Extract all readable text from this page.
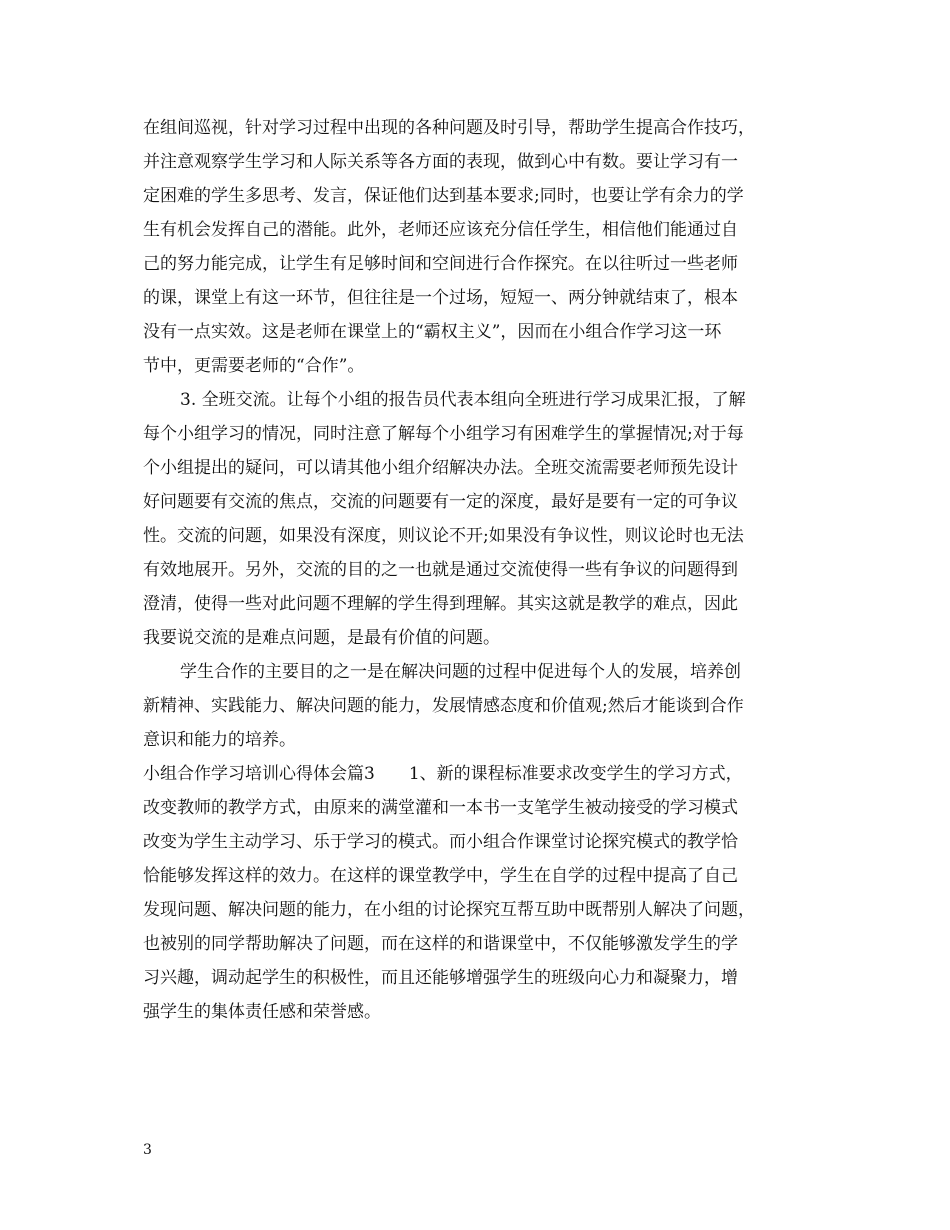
在组间巡视，针对学习过程中出现的各种问题及时引导，帮助学生提高合作技巧，
并注意观察学生学习和人际关系等各方面的表现，做到心中有数。要让学习有一
定困难的学生多思考、发言，保证他们达到基本要求;同时，也要让学有余力的学
生有机会发挥自己的潜能。此外，老师还应该充分信任学生，相信他们能通过自
己的努力能完成，让学生有足够时间和空间进行合作探究。在以往听过一些老师
的课，课堂上有这一环节，但往往是一个过场，短短一、两分钟就结束了，根本
没有一点实效。这是老师在课堂上的“霸权主义”，因而在小组合作学习这一环
节中，更需要老师的“合作”。
3. 全班交流。让每个小组的报告员代表本组向全班进行学习成果汇报，了解
每个小组学习的情况，同时注意了解每个小组学习有困难学生的掌握情况;对于每
个小组提出的疑问，可以请其他小组介绍解决办法。全班交流需要老师预先设计
好问题要有交流的焦点，交流的问题要有一定的深度，最好是要有一定的可争议
性。交流的问题，如果没有深度，则议论不开;如果没有争议性，则议论时也无法
有效地展开。另外，交流的目的之一也就是通过交流使得一些有争议的问题得到
澄清，使得一些对此问题不理解的学生得到理解。其实这就是教学的难点，因此
我要说交流的是难点问题，是最有价值的问题。
学生合作的主要目的之一是在解决问题的过程中促进每个人的发展，培养创
新精神、实践能力、解决问题的能力，发展情感态度和价值观;然后才能谈到合作
意识和能力的培养。
小组合作学习培训心得体会篇3　　1、新的课程标准要求改变学生的学习方式，
改变教师的教学方式，由原来的满堂灌和一本书一支笔学生被动接受的学习模式
改变为学生主动学习、乐于学习的模式。而小组合作课堂讨论探究模式的教学恰
恰能够发挥这样的效力。在这样的课堂教学中，学生在自学的过程中提高了自己
发现问题、解决问题的能力，在小组的讨论探究互帮互助中既帮别人解决了问题，
也被别的同学帮助解决了问题，而在这样的和谐课堂中，不仅能够激发学生的学
习兴趣，调动起学生的积极性，而且还能够增强学生的班级向心力和凝聚力，增
强学生的集体责任感和荣誉感。
3
